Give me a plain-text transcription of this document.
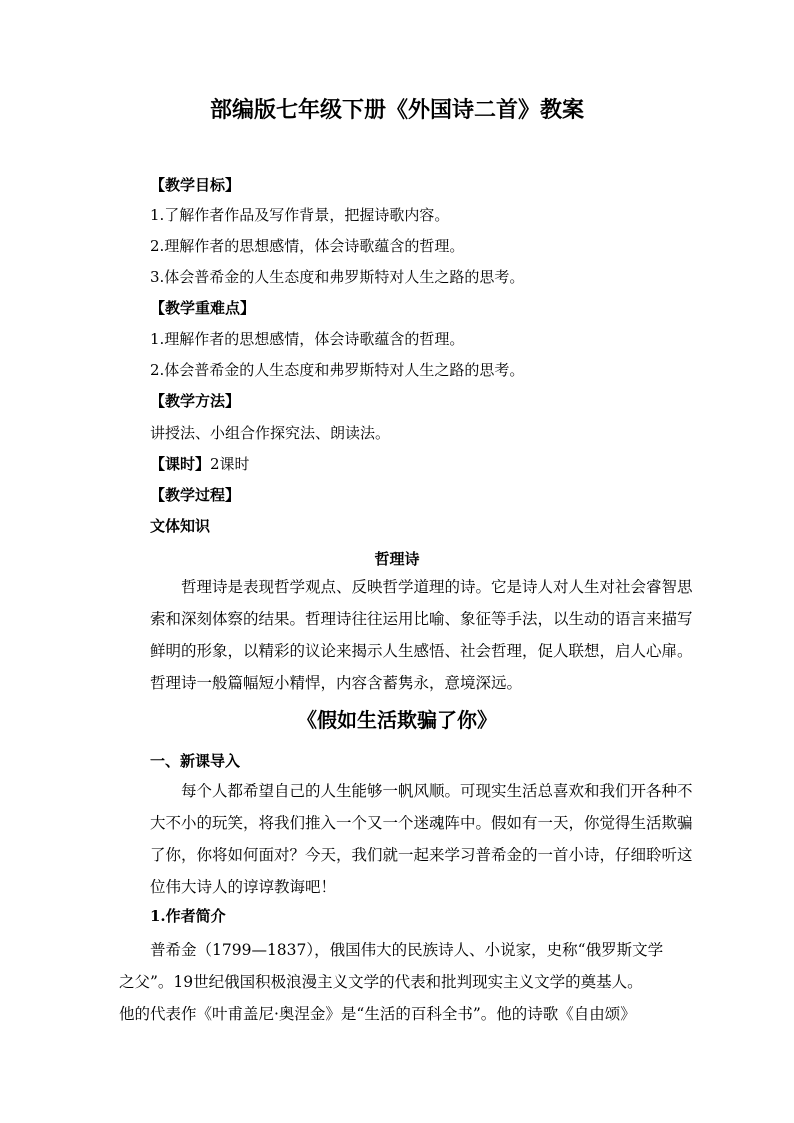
部编版七年级下册《外国诗二首》教案
【教学目标】
1.了解作者作品及写作背景，把握诗歌内容。
2.理解作者的思想感情，体会诗歌蕴含的哲理。
3.体会普希金的人生态度和弗罗斯特对人生之路的思考。
【教学重难点】
1.理解作者的思想感情，体会诗歌蕴含的哲理。
2.体会普希金的人生态度和弗罗斯特对人生之路的思考。
【教学方法】
讲授法、小组合作探究法、朗读法。
【课时】2课时
【教学过程】
文体知识
哲理诗
哲理诗是表现哲学观点、反映哲学道理的诗。它是诗人对人生对社会睿智思
索和深刻体察的结果。哲理诗往往运用比喻、象征等手法，以生动的语言来描写
鲜明的形象，以精彩的议论来揭示人生感悟、社会哲理，促人联想，启人心扉。
哲理诗一般篇幅短小精悍，内容含蓄隽永，意境深远。
《假如生活欺骗了你》
一、新课导入
每个人都希望自己的人生能够一帆风顺。可现实生活总喜欢和我们开各种不
大不小的玩笑，将我们推入一个又一个迷魂阵中。假如有一天，你觉得生活欺骗
了你，你将如何面对？今天，我们就一起来学习普希金的一首小诗，仔细聆听这
位伟大诗人的谆谆教诲吧！
1.作者简介
普希金（1799—1837），俄国伟大的民族诗人、小说家，史称“俄罗斯文学
之父”。19世纪俄国积极浪漫主义文学的代表和批判现实主义文学的奠基人。
他的代表作《叶甫盖尼·奥涅金》是“生活的百科全书”。他的诗歌《自由颂》
